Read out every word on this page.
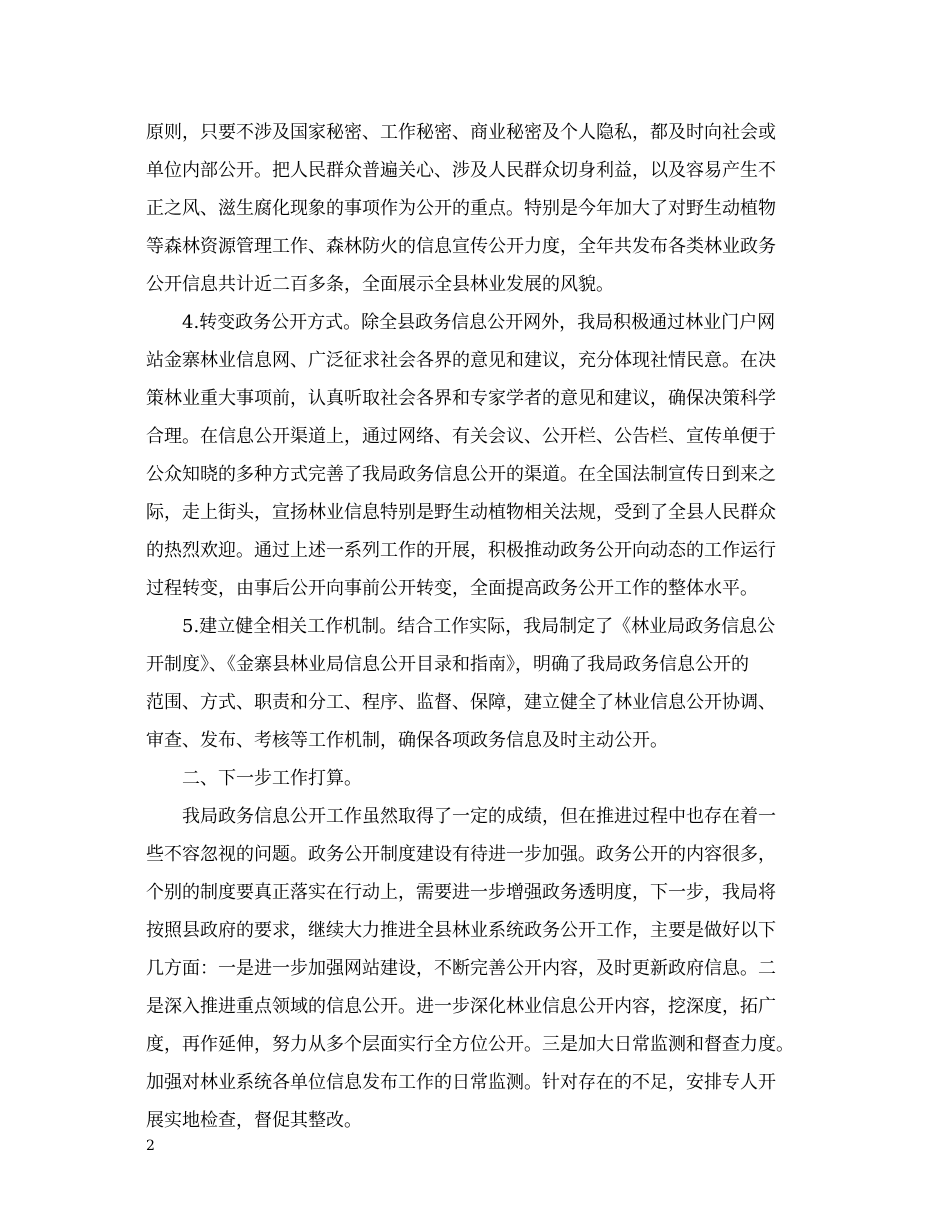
原则，只要不涉及国家秘密、工作秘密、商业秘密及个人隐私，都及时向社会或
单位内部公开。把人民群众普遍关心、涉及人民群众切身利益，以及容易产生不
正之风、滋生腐化现象的事项作为公开的重点。特别是今年加大了对野生动植物
等森林资源管理工作、森林防火的信息宣传公开力度，全年共发布各类林业政务
公开信息共计近二百多条，全面展示全县林业发展的风貌。
4.转变政务公开方式。除全县政务信息公开网外，我局积极通过林业门户网
站金寨林业信息网、广泛征求社会各界的意见和建议，充分体现社情民意。在决
策林业重大事项前，认真听取社会各界和专家学者的意见和建议，确保决策科学
合理。在信息公开渠道上，通过网络、有关会议、公开栏、公告栏、宣传单便于
公众知晓的多种方式完善了我局政务信息公开的渠道。在全国法制宣传日到来之
际，走上街头，宣扬林业信息特别是野生动植物相关法规，受到了全县人民群众
的热烈欢迎。通过上述一系列工作的开展，积极推动政务公开向动态的工作运行
过程转变，由事后公开向事前公开转变，全面提高政务公开工作的整体水平。
5.建立健全相关工作机制。结合工作实际，我局制定了《林业局政务信息公
开制度》、《金寨县林业局信息公开目录和指南》，明确了我局政务信息公开的
范围、方式、职责和分工、程序、监督、保障，建立健全了林业信息公开协调、
审查、发布、考核等工作机制，确保各项政务信息及时主动公开。
二、下一步工作打算。
我局政务信息公开工作虽然取得了一定的成绩，但在推进过程中也存在着一
些不容忽视的问题。政务公开制度建设有待进一步加强。政务公开的内容很多，
个别的制度要真正落实在行动上，需要进一步增强政务透明度，下一步，我局将
按照县政府的要求，继续大力推进全县林业系统政务公开工作，主要是做好以下
几方面：一是进一步加强网站建设，不断完善公开内容，及时更新政府信息。二
是深入推进重点领域的信息公开。进一步深化林业信息公开内容，挖深度，拓广
度，再作延伸，努力从多个层面实行全方位公开。三是加大日常监测和督查力度。
加强对林业系统各单位信息发布工作的日常监测。针对存在的不足，安排专人开
展实地检查，督促其整改。
2
